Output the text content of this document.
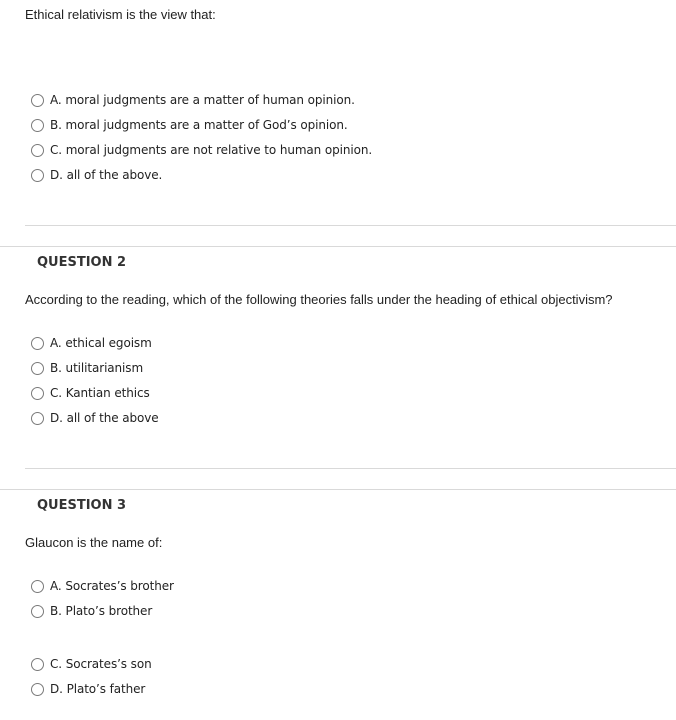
Ethical relativism is the view that:
A. moral judgments are a matter of human opinion.
B. moral judgments are a matter of God’s opinion.
C. moral judgments are not relative to human opinion.
D. all of the above.
QUESTION 2
According to the reading, which of the following theories falls under the heading of ethical objectivism?
A. ethical egoism
B. utilitarianism
C. Kantian ethics
D. all of the above
QUESTION 3
Glaucon is the name of:
A. Socrates’s brother
B. Plato’s brother
C. Socrates’s son
D. Plato’s father
